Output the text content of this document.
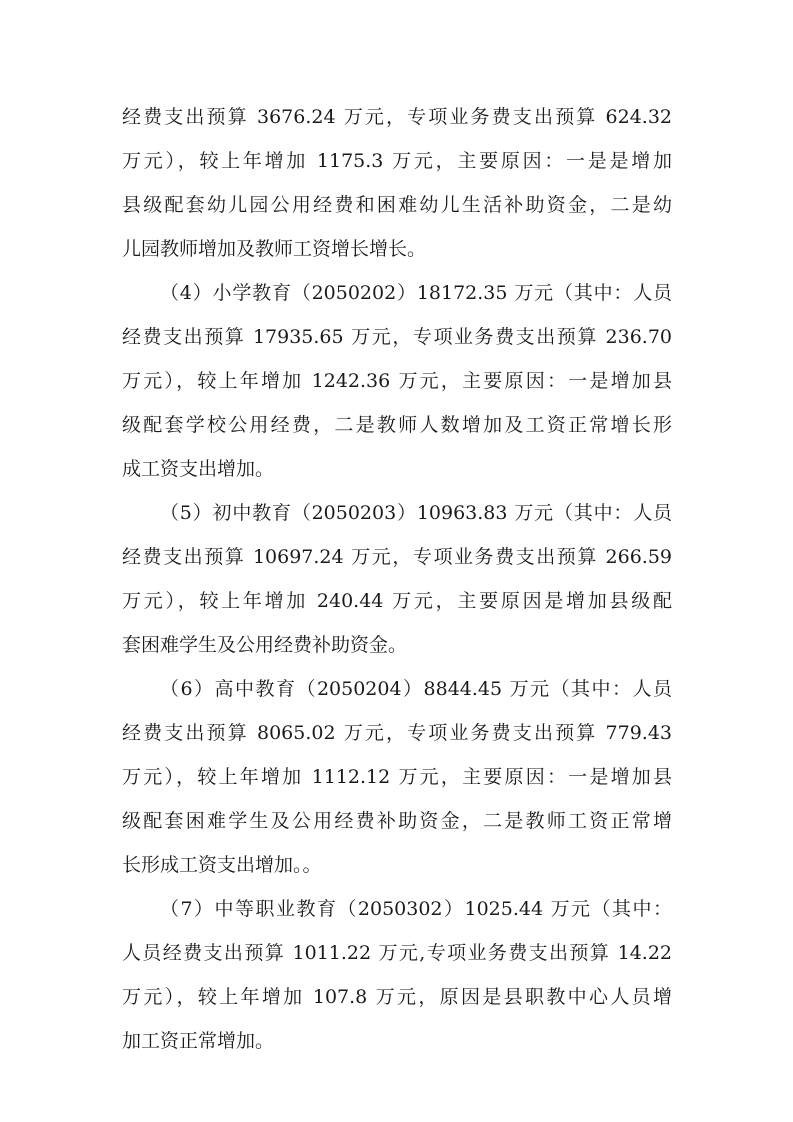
经费支出预算 3676.24 万元，专项业务费支出预算 624.32
万元），较上年增加 1175.3 万元，主要原因：一是是增加
县级配套幼儿园公用经费和困难幼儿生活补助资金，二是幼
儿园教师增加及教师工资增长增长。
（4）小学教育（2050202）18172.35 万元（其中：人员
经费支出预算 17935.65 万元，专项业务费支出预算 236.70
万元），较上年增加 1242.36 万元，主要原因：一是增加县
级配套学校公用经费，二是教师人数增加及工资正常增长形
成工资支出增加。
（5）初中教育（2050203）10963.83 万元（其中：人员
经费支出预算 10697.24 万元，专项业务费支出预算 266.59
万元），较上年增加 240.44 万元，主要原因是增加县级配
套困难学生及公用经费补助资金。
（6）高中教育（2050204）8844.45 万元（其中：人员
经费支出预算 8065.02 万元，专项业务费支出预算 779.43
万元），较上年增加 1112.12 万元，主要原因：一是增加县
级配套困难学生及公用经费补助资金，二是教师工资正常增
长形成工资支出增加。。
（7）中等职业教育（2050302）1025.44 万元（其中：
人员经费支出预算 1011.22 万元,专项业务费支出预算 14.22
万元），较上年增加 107.8 万元，原因是县职教中心人员增
加工资正常增加。
